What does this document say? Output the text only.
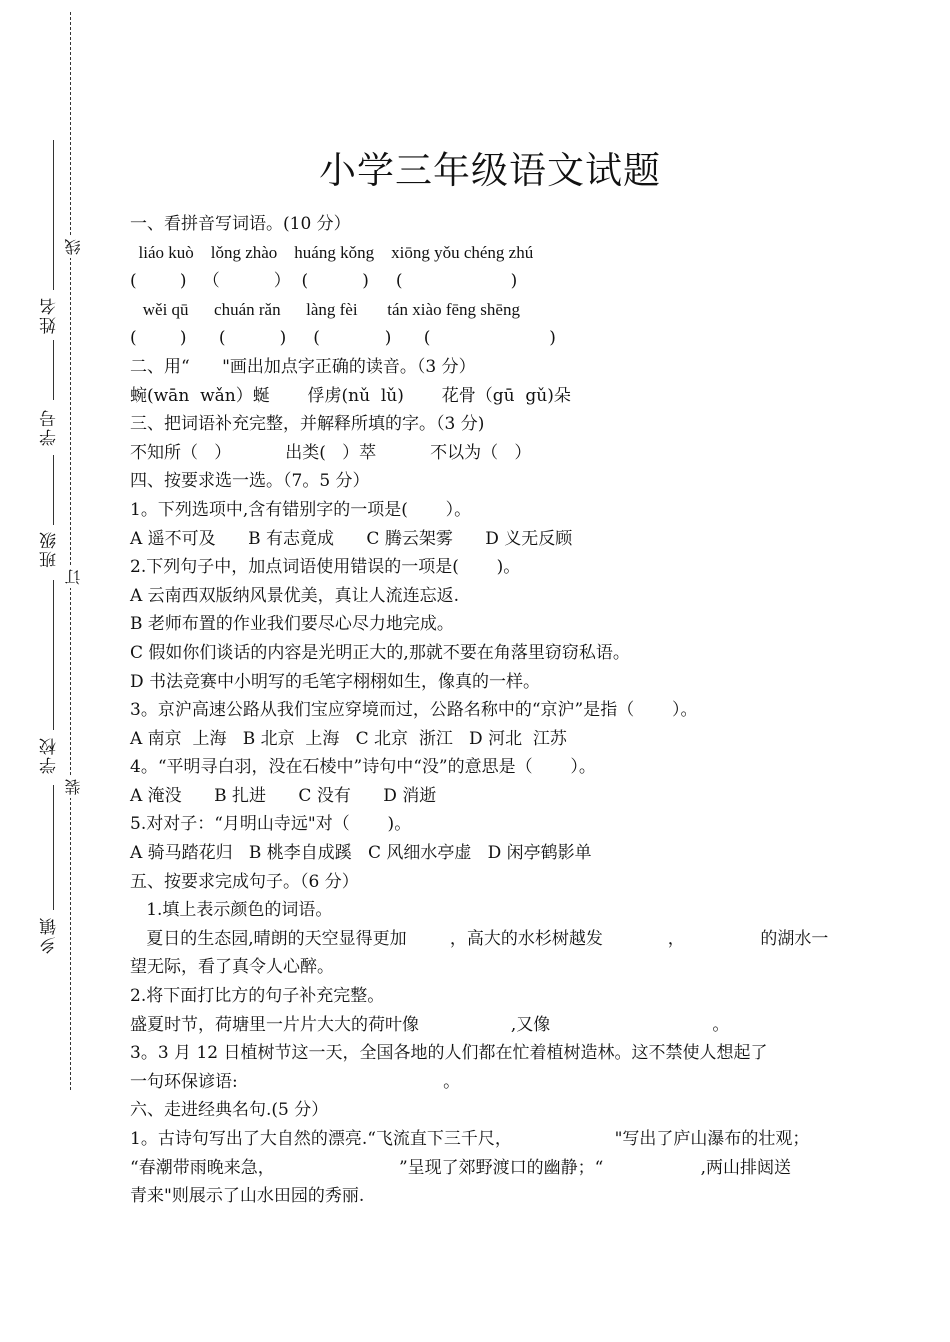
姓名
学号
班级
学校
乡镇
线
订
装
小学三年级语文试题
一、看拼音写词语。(10 分）
liáo kuò    lǒng zhào    huáng kǒng    xiōng yǒu chéng zhú
(        )   （          ）  (          )     (                    )
wěi qū      chuán rǎn      làng fèi       tán xiào fēng shēng
(        )      (          )     (            )      (                      )
二、用“      "画出加点字正确的读音。（3 分）
蜿(wān  wǎn）蜒       俘虏(nǔ  lǔ)       花骨（gū  gǔ)朵
三、把词语补充完整，并解释所填的字。（3 分)
不知所（   ）          出类(   ）萃          不以为（   ）
四、按要求选一选。（7。5 分）
1。下列选项中,含有错别字的一项是(       ）。
A 遥不可及      B 有志竟成      C 腾云架雾      D 义无反顾
2.下列句子中，加点词语使用错误的一项是(       )。
A 云南西双版纳风景优美，真让人流连忘返.
B 老师布置的作业我们要尽心尽力地完成。
C 假如你们谈话的内容是光明正大的,那就不要在角落里窃窃私语。
D 书法竞赛中小明写的毛笔字栩栩如生，像真的一样。
3。京沪高速公路从我们宝应穿境而过，公路名称中的“京沪”是指（       ）。
A 南京  上海   B 北京  上海   C 北京  浙江   D 河北  江苏
4。“平明寻白羽，没在石棱中”诗句中“没”的意思是（       ）。
A 淹没      B 扎进      C 没有      D 消逝
5.对对子：“月明山寺远"对（       )。
A 骑马踏花归   B 桃李自成蹊   C 风细水亭虚   D 闲亭鹤影单
五、按要求完成句子。（6 分）
1.填上表示颜色的词语。
夏日的生态园,晴朗的天空显得更加        ，高大的水杉树越发            ，              的湖水一
望无际，看了真令人心醉。
2.将下面打比方的句子补充完整。
盛夏时节，荷塘里一片片大大的荷叶像                 ,又像                              。
3。3 月 12 日植树节这一天，全国各地的人们都在忙着植树造林。这不禁使人想起了
一句环保谚语:                                      。
六、走进经典名句.(5 分）
1。古诗句写出了大自然的漂亮.“飞流直下三千尺，                   "写出了庐山瀑布的壮观；
“春潮带雨晚来急，                       ”呈现了郊野渡口的幽静；“                  ,两山排闼送
青来"则展示了山水田园的秀丽.
